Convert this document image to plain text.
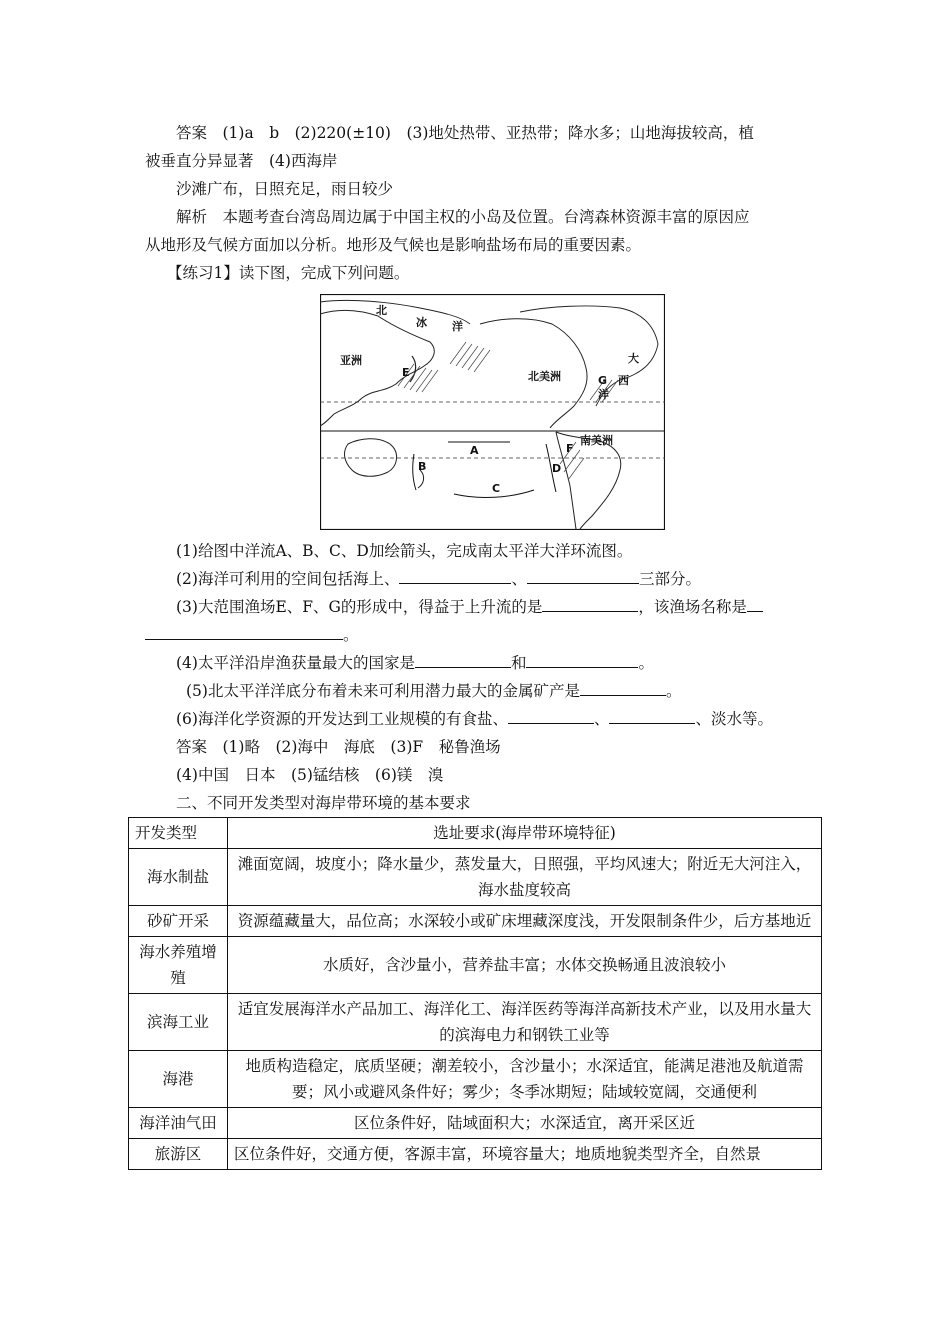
答案　(1)a　b　(2)220(±10)　(3)地处热带、亚热带；降水多；山地海拔较高，植
被垂直分异显著　(4)西海岸
沙滩广布，日照充足，雨日较少
解析　本题考查台湾岛周边属于中国主权的小岛及位置。台湾森林资源丰富的原因应
从地形及气候方面加以分析。地形及气候也是影响盐场布局的重要因素。
【练习1】读下图，完成下列问题。
北
冰 洋
亚洲
北美洲
大
西
洋
南美洲
E
A
B
C
D
F
G
(1)给图中洋流A、B、C、D加绘箭头，完成南太平洋大洋环流图。
(2)海洋可利用的空间包括海上、	、	三部分。
(3)大范围渔场E、F、G的形成中，得益于上升流的是	，该渔场名称是
。
(4)太平洋沿岸渔获量最大的国家是	和	。
(5)北太平洋洋底分布着未来可利用潜力最大的金属矿产是	。
(6)海洋化学资源的开发达到工业规模的有食盐、	、	、淡水等。
答案　(1)略　(2)海中　海底　(3)F　秘鲁渔场
(4)中国　日本　(5)锰结核　(6)镁　溴
二、不同开发类型对海岸带环境的基本要求
开发类型	选址要求(海岸带环境特征)
海水制盐	滩面宽阔，坡度小；降水量少，蒸发量大，日照强，平均风速大；附近无大河注入，海水盐度较高
砂矿开采	资源蕴藏量大，品位高；水深较小或矿床埋藏深度浅，开发限制条件少，后方基地近
海水养殖增殖	水质好，含沙量小，营养盐丰富；水体交换畅通且波浪较小
滨海工业	适宜发展海洋水产品加工、海洋化工、海洋医药等海洋高新技术产业，以及用水量大的滨海电力和钢铁工业等
海港	地质构造稳定，底质坚硬；潮差较小，含沙量小；水深适宜，能满足港池及航道需要；风小或避风条件好；雾少；冬季冰期短；陆域较宽阔，交通便利
海洋油气田	区位条件好，陆域面积大；水深适宜，离开采区近
旅游区	区位条件好，交通方便，客源丰富，环境容量大；地质地貌类型齐全，自然景
